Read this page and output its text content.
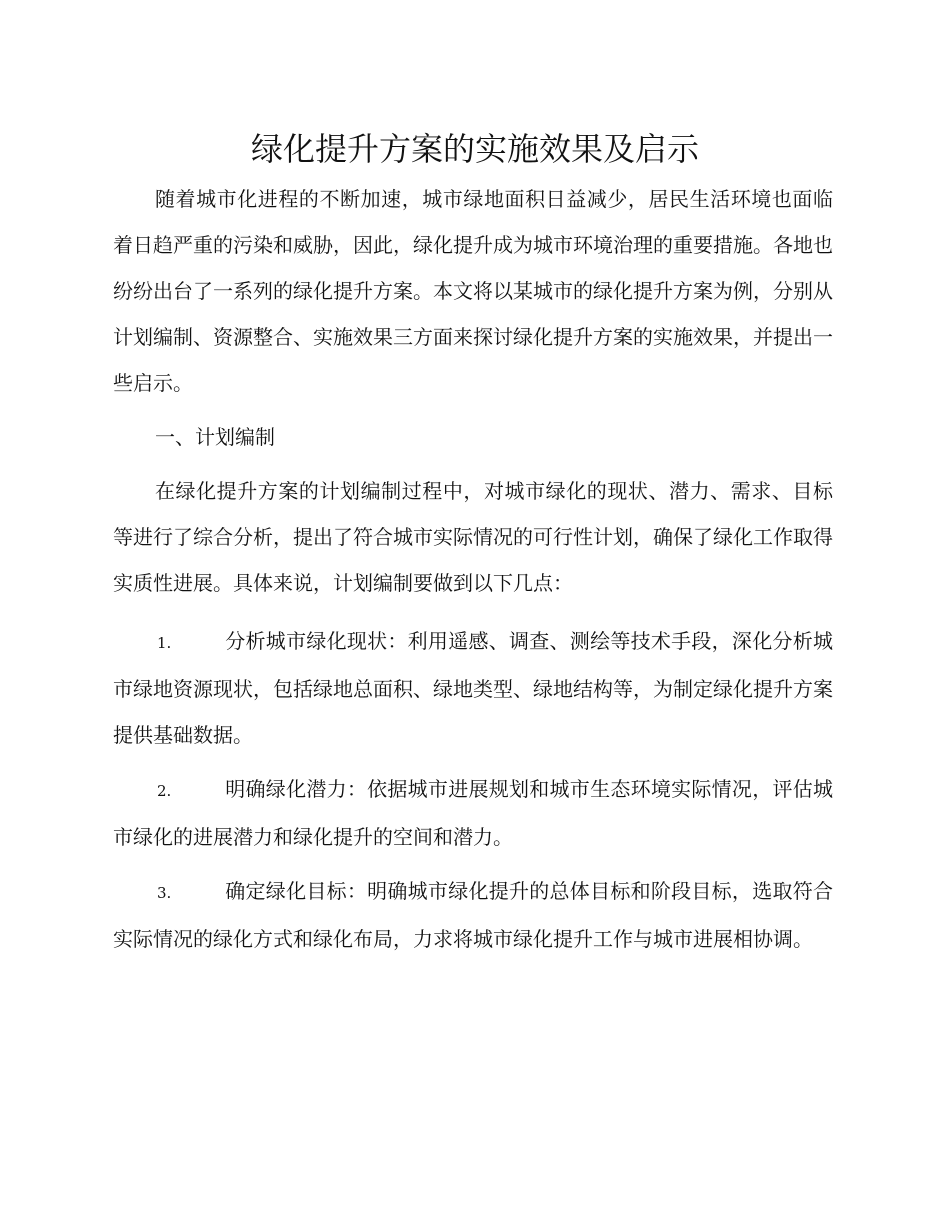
绿化提升方案的实施效果及启示

随着城市化进程的不断加速，城市绿地面积日益减少，居民生活环境也面临着日趋严重的污染和威胁，因此，绿化提升成为城市环境治理的重要措施。各地也纷纷出台了一系列的绿化提升方案。本文将以某城市的绿化提升方案为例，分别从计划编制、资源整合、实施效果三方面来探讨绿化提升方案的实施效果，并提出一些启示。

一、计划编制

在绿化提升方案的计划编制过程中，对城市绿化的现状、潜力、需求、目标等进行了综合分析，提出了符合城市实际情况的可行性计划，确保了绿化工作取得实质性进展。具体来说，计划编制要做到以下几点：

1.	分析城市绿化现状：利用遥感、调查、测绘等技术手段，深化分析城市绿地资源现状，包括绿地总面积、绿地类型、绿地结构等，为制定绿化提升方案提供基础数据。

2.	明确绿化潜力：依据城市进展规划和城市生态环境实际情况，评估城市绿化的进展潜力和绿化提升的空间和潜力。

3.	确定绿化目标：明确城市绿化提升的总体目标和阶段目标，选取符合实际情况的绿化方式和绿化布局，力求将城市绿化提升工作与城市进展相协调。
